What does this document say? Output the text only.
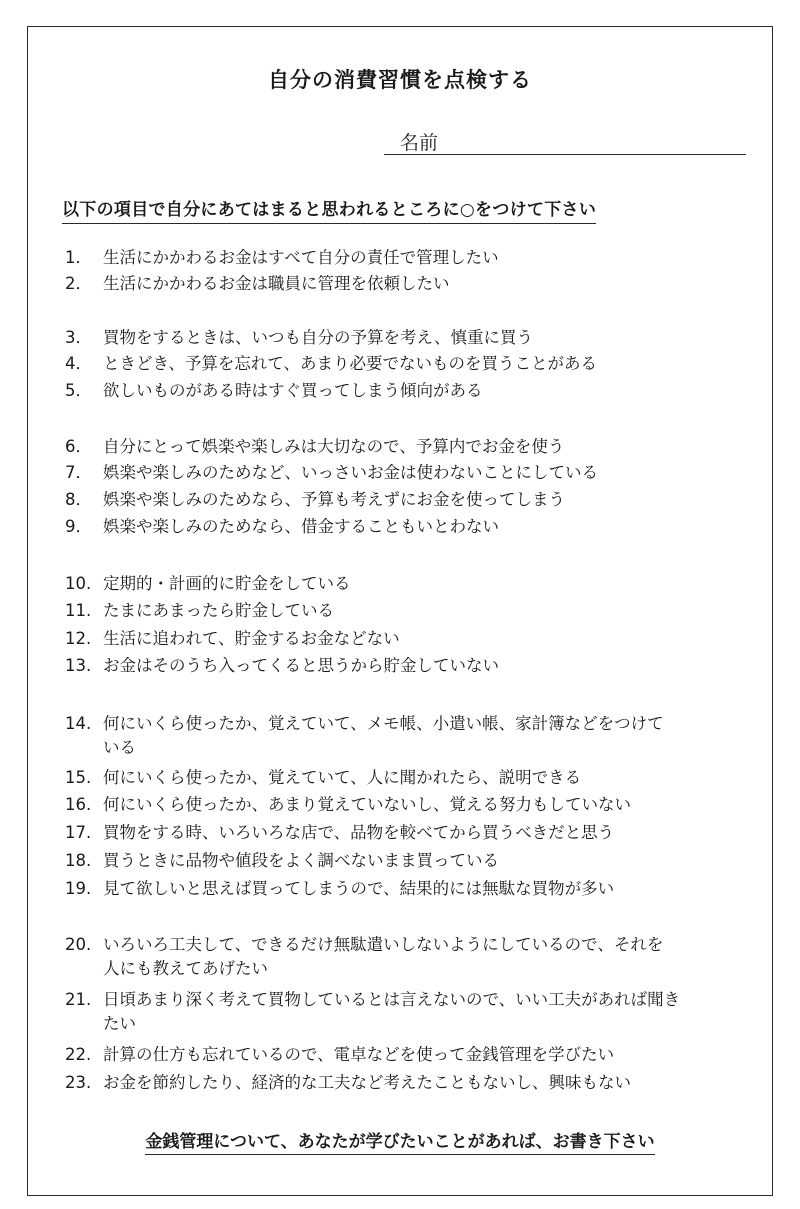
自分の消費習慣を点検する
名前
以下の項目で自分にあてはまると思われるところに○をつけて下さい
1． 生活にかかわるお金はすべて自分の責任で管理したい
2． 生活にかかわるお金は職員に管理を依頼したい
3． 買物をするときは、いつも自分の予算を考え、慎重に買う
4． ときどき、予算を忘れて、あまり必要でないものを買うことがある
5． 欲しいものがある時はすぐ買ってしまう傾向がある
6． 自分にとって娯楽や楽しみは大切なので、予算内でお金を使う
7． 娯楽や楽しみのためなど、いっさいお金は使わないことにしている
8． 娯楽や楽しみのためなら、予算も考えずにお金を使ってしまう
9． 娯楽や楽しみのためなら、借金することもいとわない
10. 定期的・計画的に貯金をしている
11. たまにあまったら貯金している
12. 生活に追われて、貯金するお金などない
13. お金はそのうち入ってくると思うから貯金していない
14. 何にいくら使ったか、覚えていて、メモ帳、小遣い帳、家計簿などをつけて
いる
15. 何にいくら使ったか、覚えていて、人に聞かれたら、説明できる
16. 何にいくら使ったか、あまり覚えていないし、覚える努力もしていない
17. 買物をする時、いろいろな店で、品物を較べてから買うべきだと思う
18. 買うときに品物や値段をよく調べないまま買っている
19. 見て欲しいと思えば買ってしまうので、結果的には無駄な買物が多い
20. いろいろ工夫して、できるだけ無駄遣いしないようにしているので、それを
人にも教えてあげたい
21. 日頃あまり深く考えて買物しているとは言えないので、いい工夫があれば聞き
たい
22. 計算の仕方も忘れているので、電卓などを使って金銭管理を学びたい
23. お金を節約したり、経済的な工夫など考えたこともないし、興味もない
金銭管理について、あなたが学びたいことがあれば、お書き下さい
